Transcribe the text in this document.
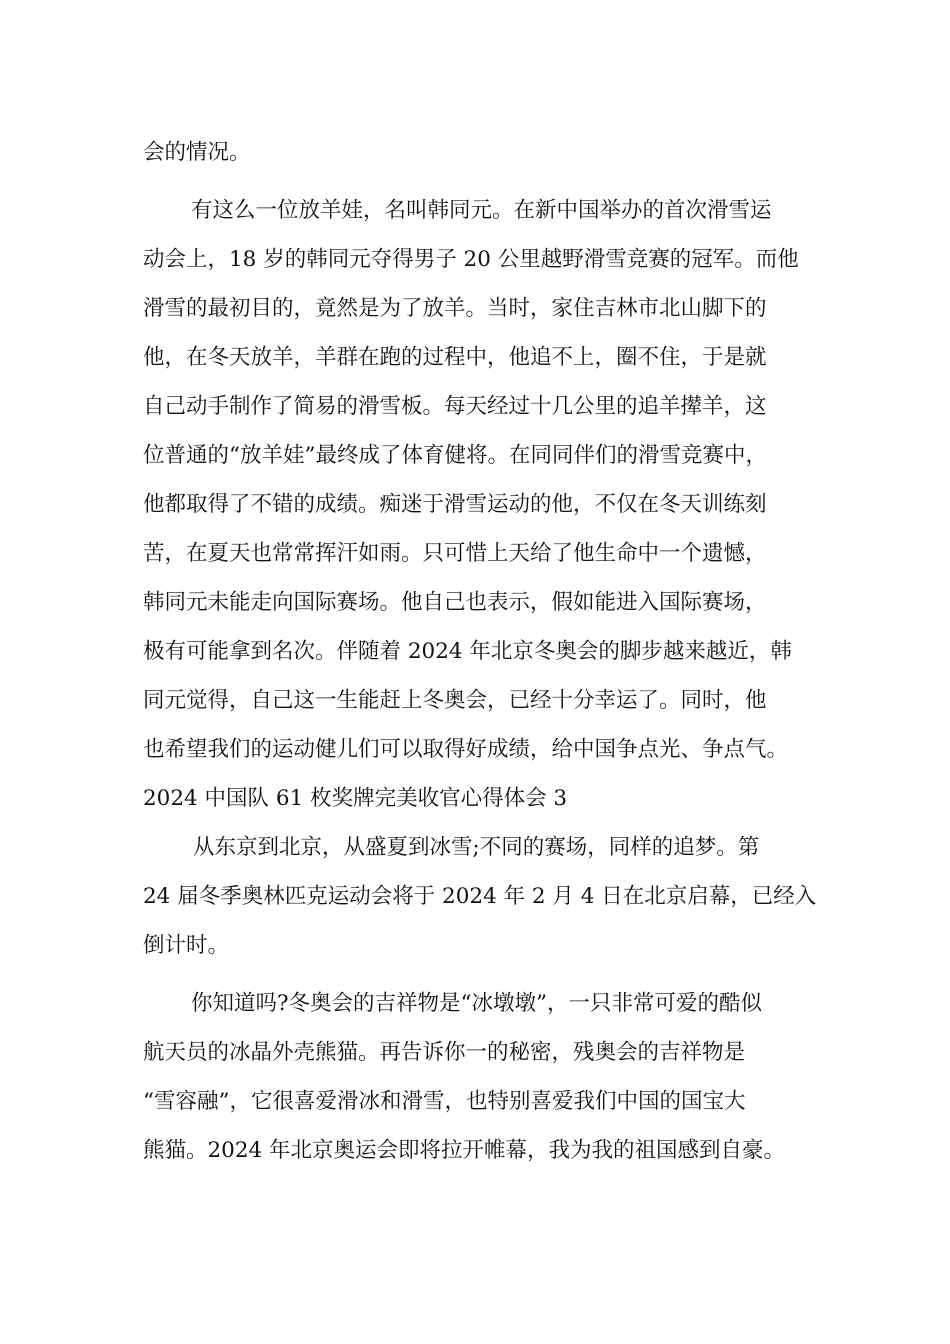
会的情况。
有这么一位放羊娃，名叫韩同元。在新中国举办的首次滑雪运
动会上，18 岁的韩同元夺得男子 20 公里越野滑雪竞赛的冠军。而他
滑雪的最初目的，竟然是为了放羊。当时，家住吉林市北山脚下的
他，在冬天放羊，羊群在跑的过程中，他追不上，圈不住，于是就
自己动手制作了简易的滑雪板。每天经过十几公里的追羊撵羊，这
位普通的“放羊娃”最终成了体育健将。在同同伴们的滑雪竞赛中，
他都取得了不错的成绩。痴迷于滑雪运动的他，不仅在冬天训练刻
苦，在夏天也常常挥汗如雨。只可惜上天给了他生命中一个遗憾，
韩同元未能走向国际赛场。他自己也表示，假如能进入国际赛场，
极有可能拿到名次。伴随着 2024 年北京冬奥会的脚步越来越近，韩
同元觉得，自己这一生能赶上冬奥会，已经十分幸运了。同时，他
也希望我们的运动健儿们可以取得好成绩，给中国争点光、争点气。
2024 中国队 61 枚奖牌完美收官心得体会 3
从东京到北京，从盛夏到冰雪;不同的赛场，同样的追梦。第
24 届冬季奥林匹克运动会将于 2024 年 2 月 4 日在北京启幕，已经入
倒计时。
你知道吗?冬奥会的吉祥物是“冰墩墩”，一只非常可爱的酷似
航天员的冰晶外壳熊猫。再告诉你一的秘密，残奥会的吉祥物是
“雪容融”，它很喜爱滑冰和滑雪，也特别喜爱我们中国的国宝大
熊猫。2024 年北京奥运会即将拉开帷幕，我为我的祖国感到自豪。
